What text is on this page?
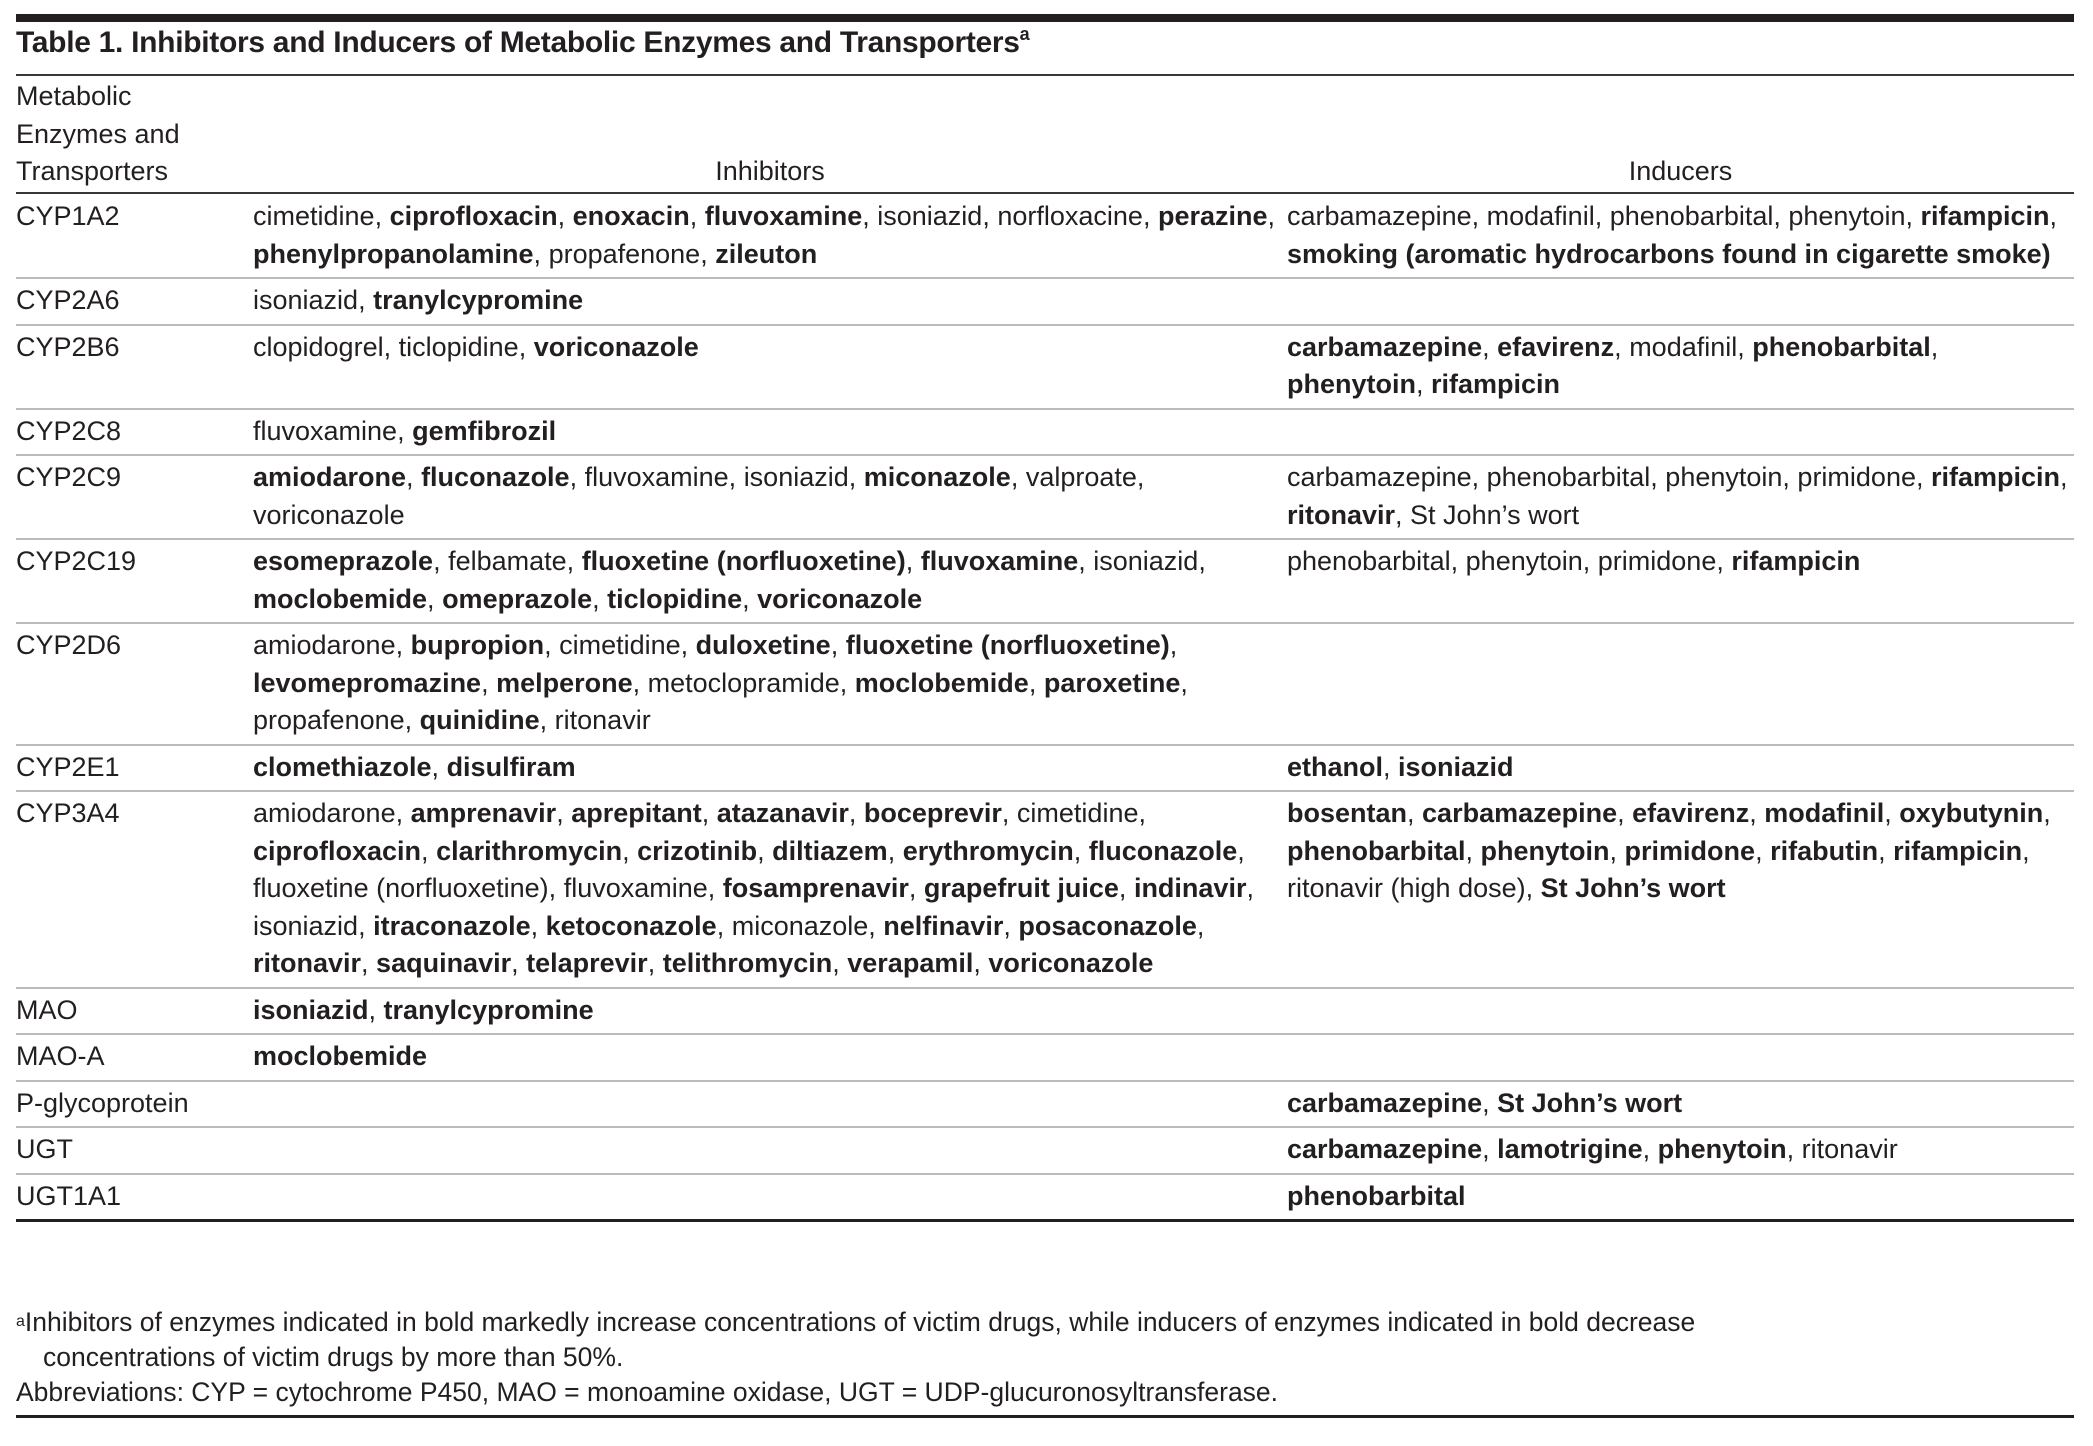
Table 1. Inhibitors and Inducers of Metabolic Enzymes and Transporters$^a$
Metabolic
Enzymes and
Transporters	Inhibitors	Inducers
CYP1A2	cimetidine, ciprofloxacin, enoxacin, fluvoxamine, isoniazid, norfloxacine, perazine, phenylpropanolamine, propafenone, zileuton	carbamazepine, modafinil, phenobarbital, phenytoin, rifampicin, smoking (aromatic hydrocarbons found in cigarette smoke)
CYP2A6	isoniazid, tranylcypromine	
CYP2B6	clopidogrel, ticlopidine, voriconazole	carbamazepine, efavirenz, modafinil, phenobarbital, phenytoin, rifampicin
CYP2C8	fluvoxamine, gemfibrozil	
CYP2C9	amiodarone, fluconazole, fluvoxamine, isoniazid, miconazole, valproate, voriconazole	carbamazepine, phenobarbital, phenytoin, primidone, rifampicin, ritonavir, St John’s wort
CYP2C19	esomeprazole, felbamate, fluoxetine (norfluoxetine), fluvoxamine, isoniazid, moclobemide, omeprazole, ticlopidine, voriconazole	phenobarbital, phenytoin, primidone, rifampicin
CYP2D6	amiodarone, bupropion, cimetidine, duloxetine, fluoxetine (norfluoxetine), levomepromazine, melperone, metoclopramide, moclobemide, paroxetine, propafenone, quinidine, ritonavir	
CYP2E1	clomethiazole, disulfiram	ethanol, isoniazid
CYP3A4	amiodarone, amprenavir, aprepitant, atazanavir, boceprevir, cimetidine, ciprofloxacin, clarithromycin, crizotinib, diltiazem, erythromycin, fluconazole, fluoxetine (norfluoxetine), fluvoxamine, fosamprenavir, grapefruit juice, indinavir, isoniazid, itraconazole, ketoconazole, miconazole, nelfinavir, posaconazole, ritonavir, saquinavir, telaprevir, telithromycin, verapamil, voriconazole	bosentan, carbamazepine, efavirenz, modafinil, oxybutynin, phenobarbital, phenytoin, primidone, rifabutin, rifampicin, ritonavir (high dose), St John’s wort
MAO	isoniazid, tranylcypromine	
MAO-A	moclobemide	
P-glycoprotein		carbamazepine, St John’s wort
UGT		carbamazepine, lamotrigine, phenytoin, ritonavir
UGT1A1		phenobarbital
$^a$Inhibitors of enzymes indicated in bold markedly increase concentrations of victim drugs, while inducers of enzymes indicated in bold decrease
concentrations of victim drugs by more than 50%.
Abbreviations: CYP = cytochrome P450, MAO = monoamine oxidase, UGT = UDP-glucuronosyltransferase.
